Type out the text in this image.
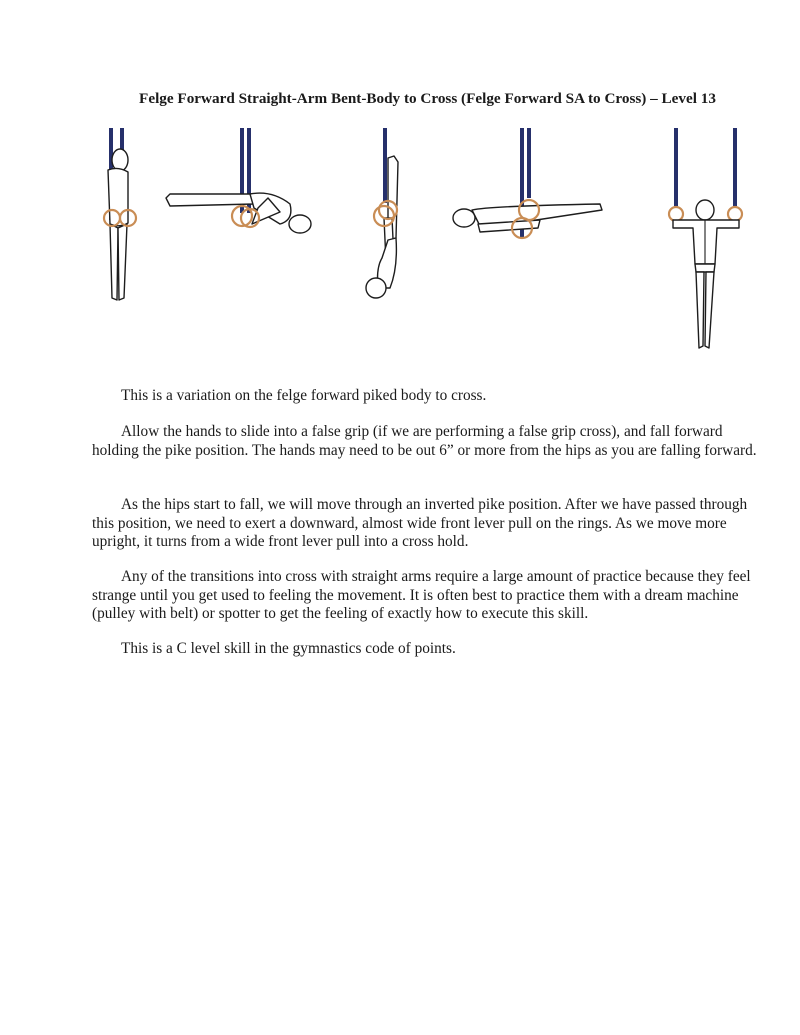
Felge Forward Straight-Arm Bent-Body to Cross (Felge Forward SA to Cross) – Level 13

This is a variation on the felge forward piked body to cross.

Allow the hands to slide into a false grip (if we are performing a false grip cross), and fall forward holding the pike position. The hands may need to be out 6” or more from the hips as you are falling forward.

As the hips start to fall, we will move through an inverted pike position. After we have passed through this position, we need to exert a downward, almost wide front lever pull on the rings. As we move more upright, it turns from a wide front lever pull into a cross hold.

Any of the transitions into cross with straight arms require a large amount of practice because they feel strange until you get used to feeling the movement. It is often best to practice them with a dream machine (pulley with belt) or spotter to get the feeling of exactly how to execute this skill.

This is a C level skill in the gymnastics code of points.
